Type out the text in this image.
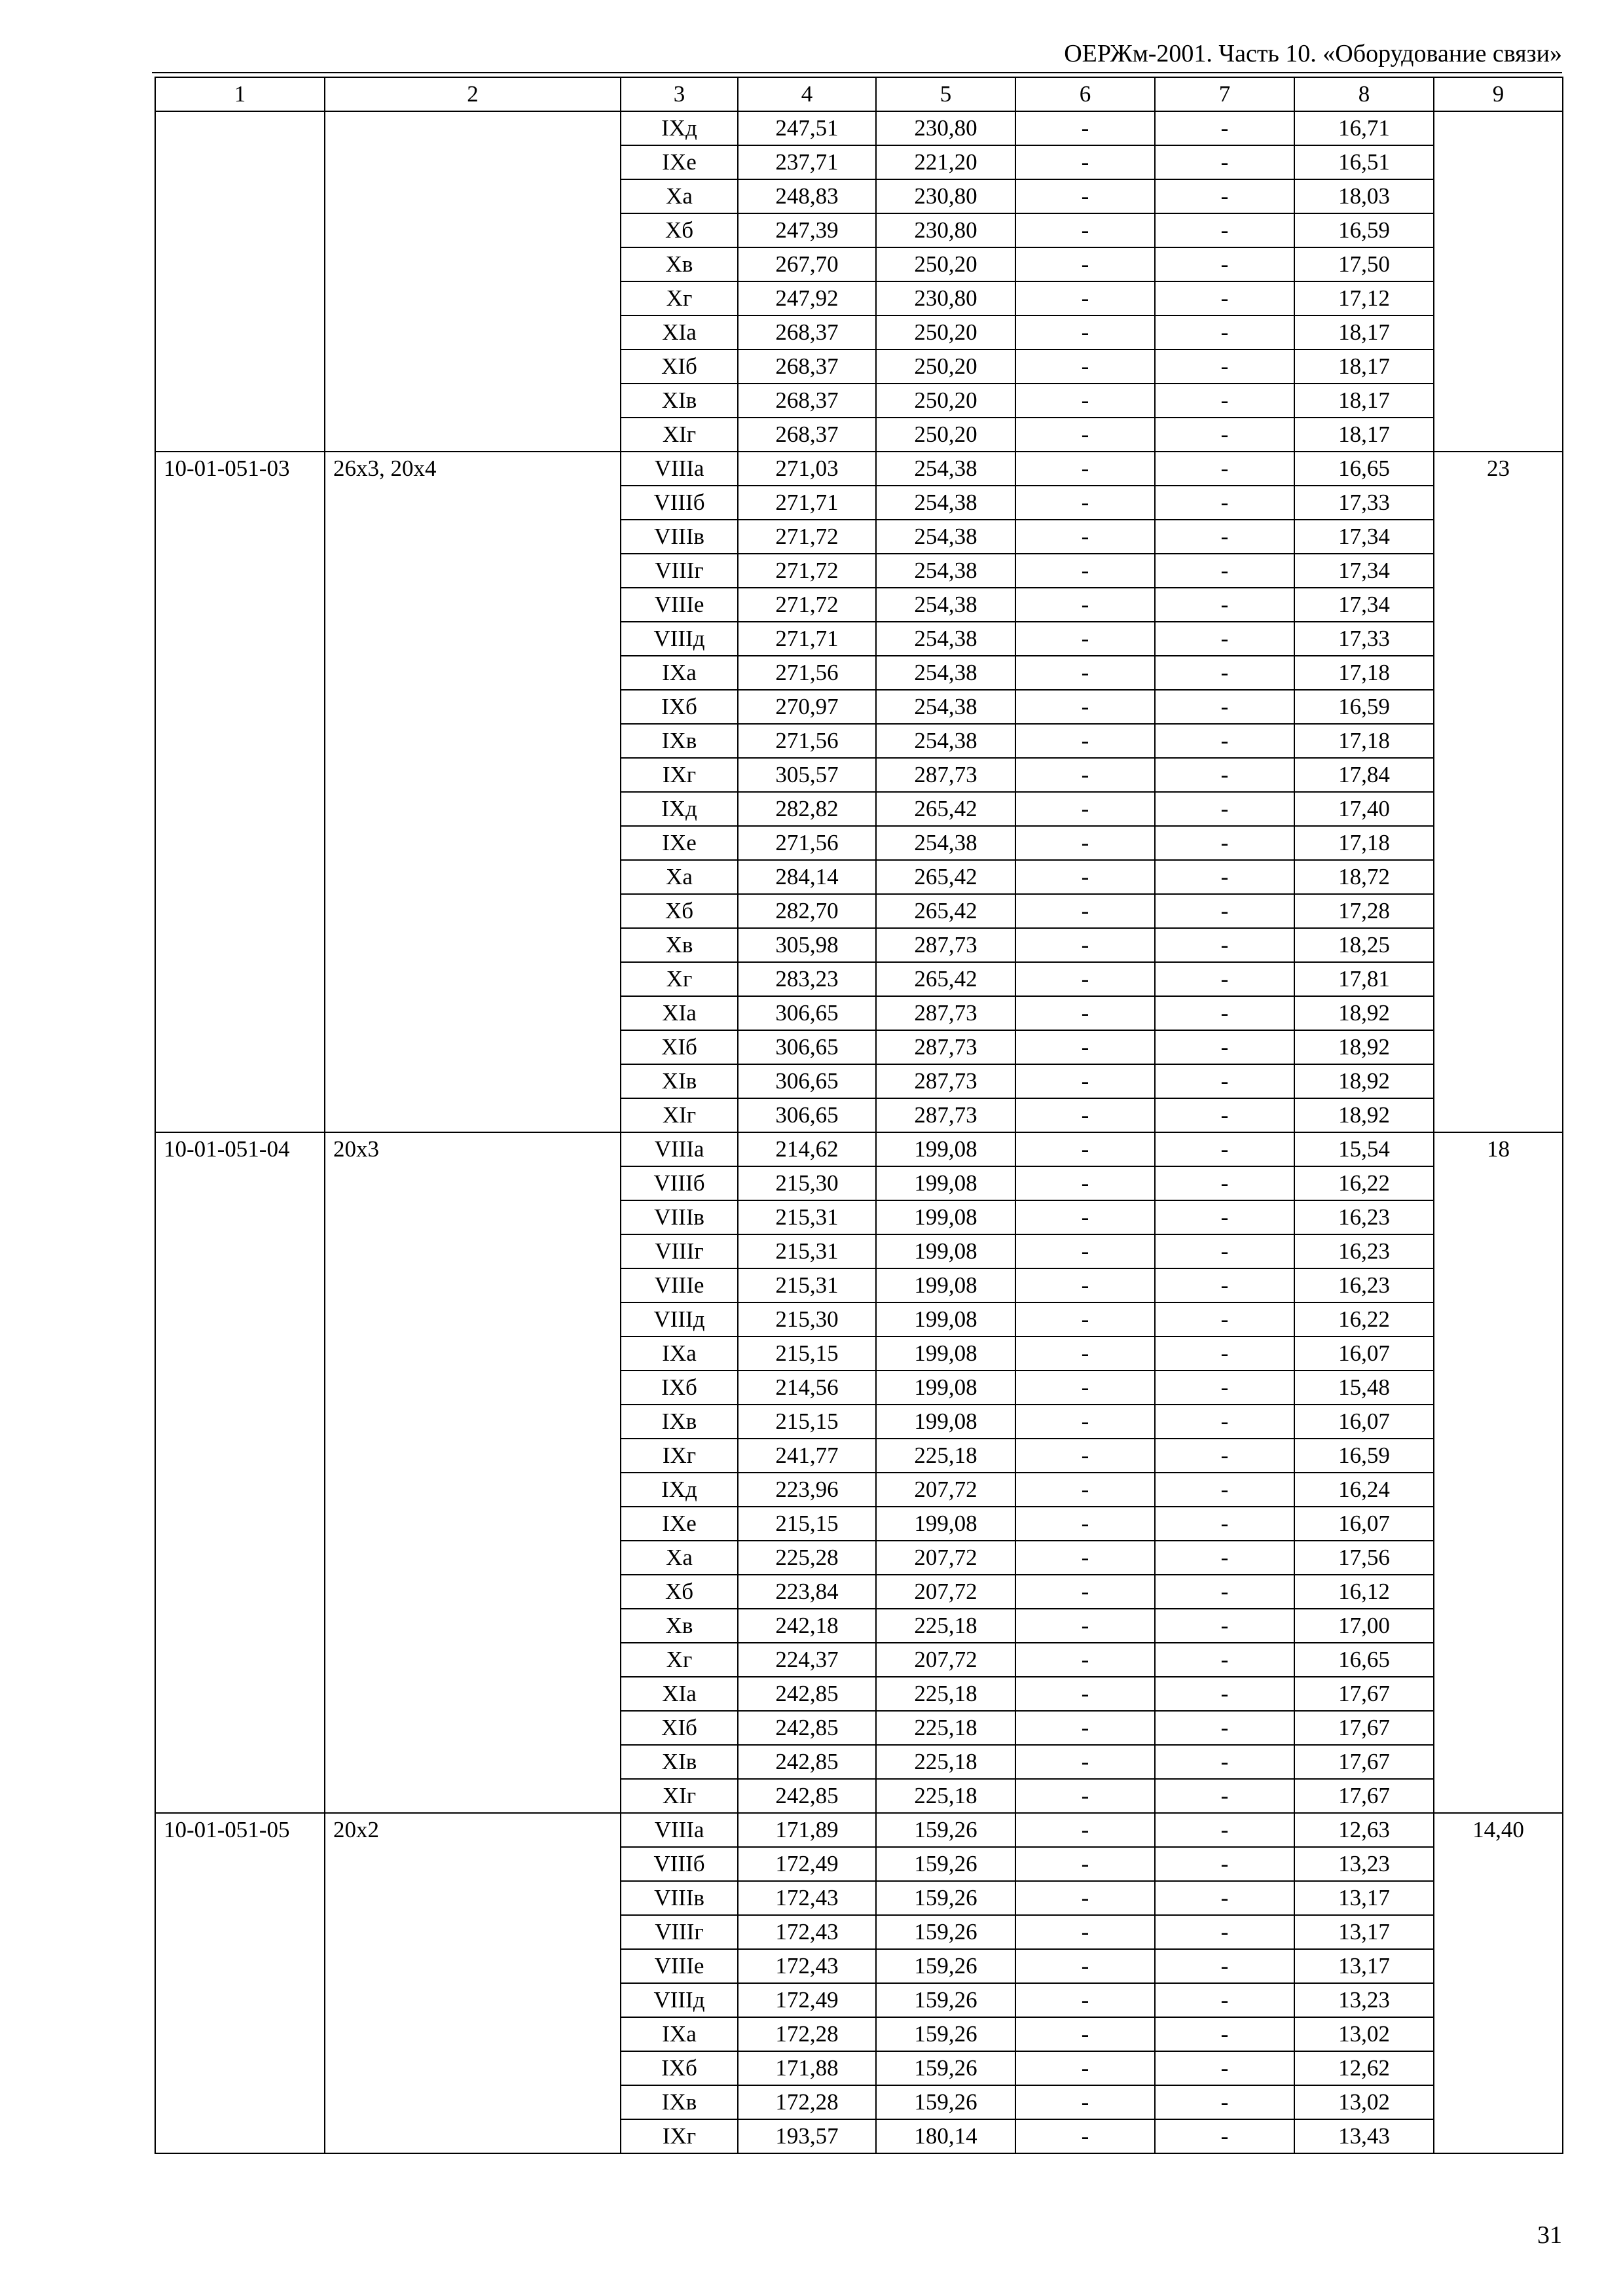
ОЕРЖм-2001. Часть 10. «Оборудование связи»
1	2	3	4	5	6	7	8	9
		IXд	247,51	230,80	-	-	16,71	
		IXе	237,71	221,20	-	-	16,51	
		Xа	248,83	230,80	-	-	18,03	
		Xб	247,39	230,80	-	-	16,59	
		Xв	267,70	250,20	-	-	17,50	
		Xг	247,92	230,80	-	-	17,12	
		XIа	268,37	250,20	-	-	18,17	
		XIб	268,37	250,20	-	-	18,17	
		XIв	268,37	250,20	-	-	18,17	
		XIг	268,37	250,20	-	-	18,17	
10-01-051-03	26х3, 20х4	VIIIа	271,03	254,38	-	-	16,65	23
		VIIIб	271,71	254,38	-	-	17,33	
		VIIIв	271,72	254,38	-	-	17,34	
		VIIIг	271,72	254,38	-	-	17,34	
		VIIIе	271,72	254,38	-	-	17,34	
		VIIIд	271,71	254,38	-	-	17,33	
		IXа	271,56	254,38	-	-	17,18	
		IXб	270,97	254,38	-	-	16,59	
		IXв	271,56	254,38	-	-	17,18	
		IXг	305,57	287,73	-	-	17,84	
		IXд	282,82	265,42	-	-	17,40	
		IXе	271,56	254,38	-	-	17,18	
		Xа	284,14	265,42	-	-	18,72	
		Xб	282,70	265,42	-	-	17,28	
		Xв	305,98	287,73	-	-	18,25	
		Xг	283,23	265,42	-	-	17,81	
		XIа	306,65	287,73	-	-	18,92	
		XIб	306,65	287,73	-	-	18,92	
		XIв	306,65	287,73	-	-	18,92	
		XIг	306,65	287,73	-	-	18,92	
10-01-051-04	20х3	VIIIа	214,62	199,08	-	-	15,54	18
		VIIIб	215,30	199,08	-	-	16,22	
		VIIIв	215,31	199,08	-	-	16,23	
		VIIIг	215,31	199,08	-	-	16,23	
		VIIIе	215,31	199,08	-	-	16,23	
		VIIIд	215,30	199,08	-	-	16,22	
		IXа	215,15	199,08	-	-	16,07	
		IXб	214,56	199,08	-	-	15,48	
		IXв	215,15	199,08	-	-	16,07	
		IXг	241,77	225,18	-	-	16,59	
		IXд	223,96	207,72	-	-	16,24	
		IXе	215,15	199,08	-	-	16,07	
		Xа	225,28	207,72	-	-	17,56	
		Xб	223,84	207,72	-	-	16,12	
		Xв	242,18	225,18	-	-	17,00	
		Xг	224,37	207,72	-	-	16,65	
		XIа	242,85	225,18	-	-	17,67	
		XIб	242,85	225,18	-	-	17,67	
		XIв	242,85	225,18	-	-	17,67	
		XIг	242,85	225,18	-	-	17,67	
10-01-051-05	20х2	VIIIа	171,89	159,26	-	-	12,63	14,40
		VIIIб	172,49	159,26	-	-	13,23	
		VIIIв	172,43	159,26	-	-	13,17	
		VIIIг	172,43	159,26	-	-	13,17	
		VIIIе	172,43	159,26	-	-	13,17	
		VIIIд	172,49	159,26	-	-	13,23	
		IXа	172,28	159,26	-	-	13,02	
		IXб	171,88	159,26	-	-	12,62	
		IXв	172,28	159,26	-	-	13,02	
		IXг	193,57	180,14	-	-	13,43	
31
